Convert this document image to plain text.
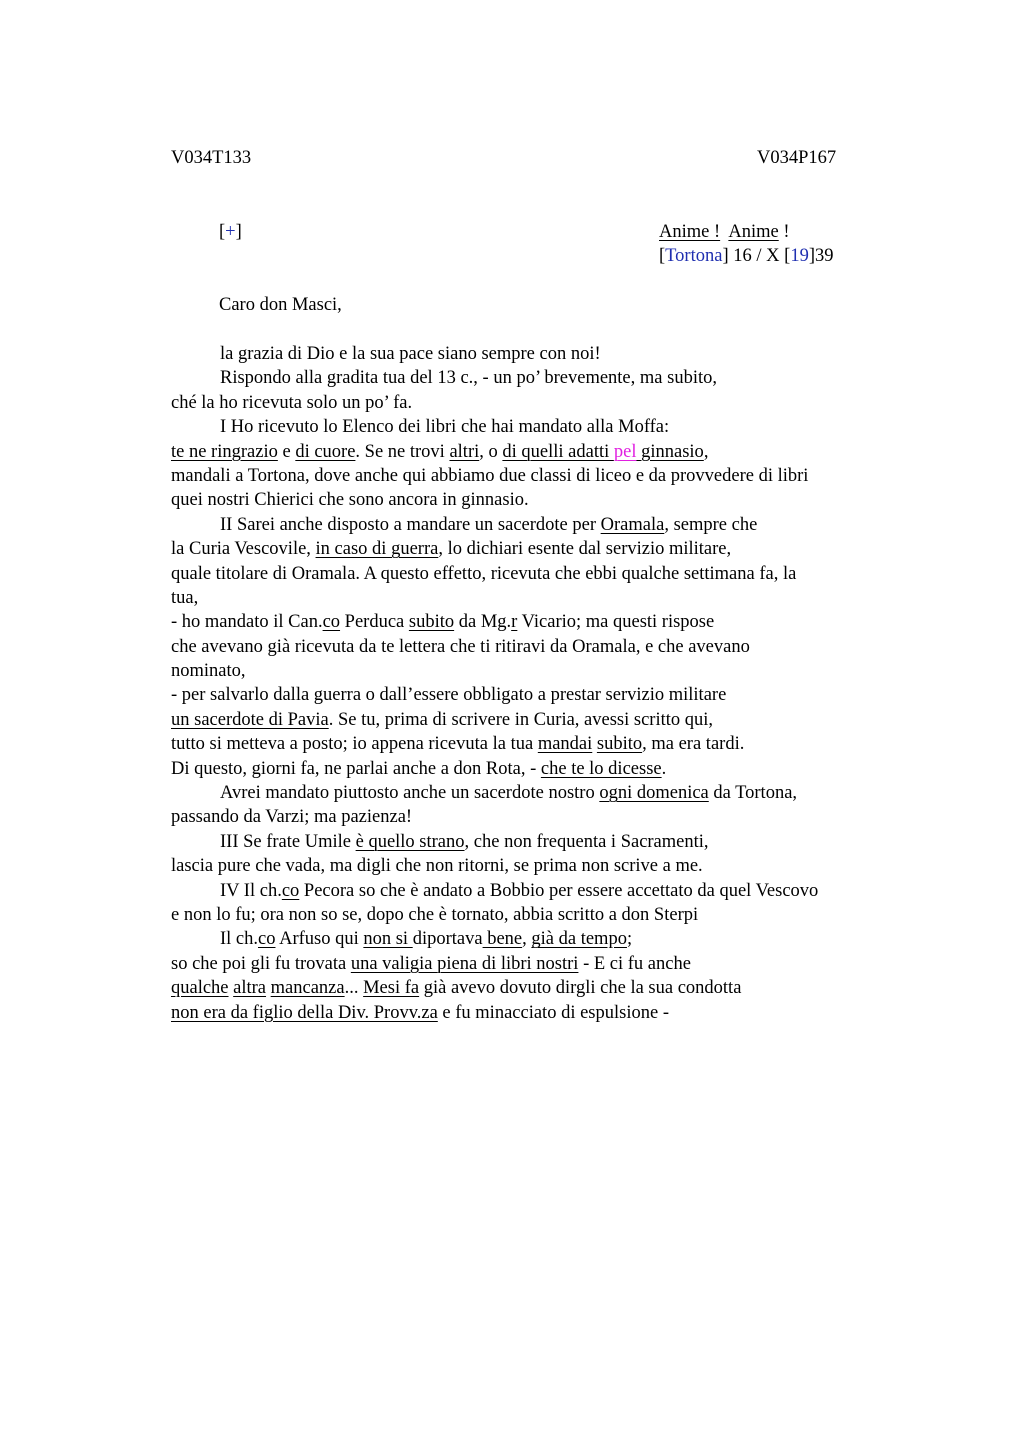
V034T133	V034P167
[+]	Anime ! Anime !
[Tortona] 16 / X [19]39
Caro don Masci,
la grazia di Dio e la sua pace siano sempre con noi!
Rispondo alla gradita tua del 13 c., - un po’ brevemente, ma subito,
ché la ho ricevuta solo un po’ fa.
I Ho ricevuto lo Elenco dei libri che hai mandato alla Moffa:
te ne ringrazio e di cuore. Se ne trovi altri, o di quelli adatti pel ginnasio,
mandali a Tortona, dove anche qui abbiamo due classi di liceo e da provvedere di libri
quei nostri Chierici che sono ancora in ginnasio.
II Sarei anche disposto a mandare un sacerdote per Oramala, sempre che
la Curia Vescovile, in caso di guerra, lo dichiari esente dal servizio militare,
quale titolare di Oramala. A questo effetto, ricevuta che ebbi qualche settimana fa, la
tua,
- ho mandato il Can.co Perduca subito da Mg.r Vicario; ma questi rispose
che avevano già ricevuta da te lettera che ti ritiravi da Oramala, e che avevano
nominato,
- per salvarlo dalla guerra o dall’essere obbligato a prestar servizio militare
un sacerdote di Pavia. Se tu, prima di scrivere in Curia, avessi scritto qui,
tutto si metteva a posto; io appena ricevuta la tua mandai subito, ma era tardi.
Di questo, giorni fa, ne parlai anche a don Rota, - che te lo dicesse.
Avrei mandato piuttosto anche un sacerdote nostro ogni domenica da Tortona,
passando da Varzi; ma pazienza!
III Se frate Umile è quello strano, che non frequenta i Sacramenti,
lascia pure che vada, ma digli che non ritorni, se prima non scrive a me.
IV Il ch.co Pecora so che è andato a Bobbio per essere accettato da quel Vescovo
e non lo fu; ora non so se, dopo che è tornato, abbia scritto a don Sterpi
Il ch.co Arfuso qui non si diportava bene, già da tempo;
so che poi gli fu trovata una valigia piena di libri nostri - E ci fu anche
qualche altra mancanza... Mesi fa già avevo dovuto dirgli che la sua condotta
non era da figlio della Div. Provv.za e fu minacciato di espulsione -
